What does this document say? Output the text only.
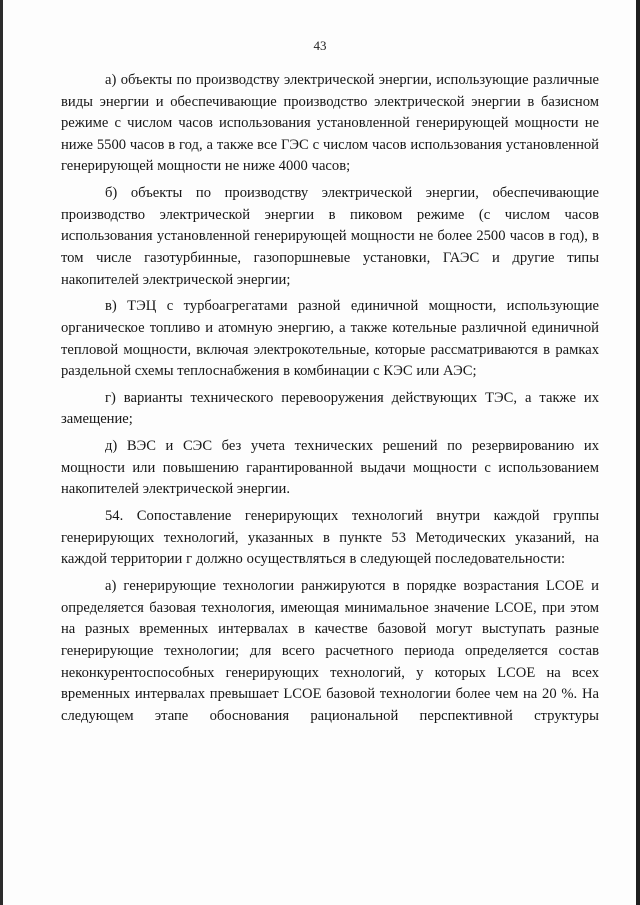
43

а) объекты по производству электрической энергии, использующие различные виды энергии и обеспечивающие производство электрической энергии в базисном режиме с числом часов использования установленной генерирующей мощности не ниже 5500 часов в год, а также все ГЭС с числом часов использования установленной генерирующей мощности не ниже 4000 часов;

б) объекты по производству электрической энергии, обеспечивающие производство электрической энергии в пиковом режиме (с числом часов использования установленной генерирующей мощности не более 2500 часов в год), в том числе газотурбинные, газопоршневые установки, ГАЭС и другие типы накопителей электрической энергии;

в) ТЭЦ с турбоагрегатами разной единичной мощности, использующие органическое топливо и атомную энергию, а также котельные различной единичной тепловой мощности, включая электрокотельные, которые рассматриваются в рамках раздельной схемы теплоснабжения в комбинации с КЭС или АЭС;

г) варианты технического перевооружения действующих ТЭС, а также их замещение;

д) ВЭС и СЭС без учета технических решений по резервированию их мощности или повышению гарантированной выдачи мощности с использованием накопителей электрической энергии.

54. Сопоставление генерирующих технологий внутри каждой группы генерирующих технологий, указанных в пункте 53 Методических указаний, на каждой территории г должно осуществляться в следующей последовательности:

а) генерирующие технологии ранжируются в порядке возрастания LCOE и определяется базовая технология, имеющая минимальное значение LCOE, при этом на разных временных интервалах в качестве базовой могут выступать разные генерирующие технологии; для всего расчетного периода определяется состав неконкурентоспособных генерирующих технологий, у которых LCOE на всех временных интервалах превышает LCOE базовой технологии более чем на 20 %. На следующем этапе обоснования рациональной перспективной структуры
